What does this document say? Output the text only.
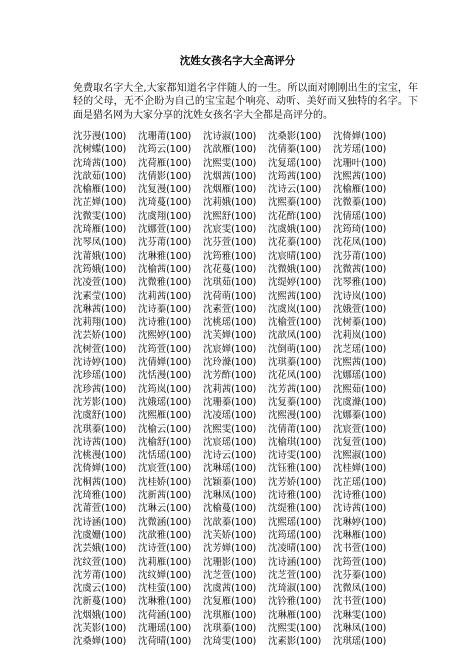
沈姓女孩名字大全高评分

免费取名字大全,大家都知道名字伴随人的一生。所以面对刚刚出生的宝宝，年轻的父母，无不企盼为自己的宝宝起个响亮、动听、美好而又独特的名字。下面是猎名网为大家分享的沈姓女孩名字大全都是高评分的。

沈芬漫(100)	沈珊莆(100)	沈诗淑(100)	沈桑影(100)	沈倚婵(100)
沈树蝶(100)	沈筠云(100)	沈歆雁(100)	沈倩蓁(100)	沈芳瑶(100)
沈琦茜(100)	沈荷雁(100)	沈熙雯(100)	沈复瑶(100)	沈珊叶(100)
沈歆茹(100)	沈倩影(100)	沈烟茜(100)	沈筠茜(100)	沈熙茜(100)
沈榆雁(100)	沈复漫(100)	沈烟雁(100)	沈诗云(100)	沈榆雁(100)
沈芷婵(100)	沈琦蔓(100)	沈莉娥(100)	沈熙蓁(100)	沈微蓁(100)
沈微雯(100)	沈虞翔(100)	沈熙舒(100)	沈花酢(100)	沈倩瑶(100)
沈琦雁(100)	沈娜萱(100)	沈宸雯(100)	沈虞娥(100)	沈筠琦(100)
沈琴凤(100)	沈芬莆(100)	沈芬萱(100)	沈花蓁(100)	沈花凤(100)
沈莆娥(100)	沈琳雅(100)	沈筠雅(100)	沈宸晴(100)	沈芬莆(100)
沈筠娥(100)	沈榆茜(100)	沈花蔓(100)	沈微娥(100)	沈微茜(100)
沈凌萱(100)	沈微雅(100)	沈琪茹(100)	沈缇婷(100)	沈琴雅(100)
沈素莹(100)	沈莉茜(100)	沈荷萌(100)	沈熙茜(100)	沈诗岚(100)
沈琳茜(100)	沈诗蓁(100)	沈素萱(100)	沈虞岚(100)	沈娥萱(100)
沈莉翔(100)	沈诗雅(100)	沈桃瑶(100)	沈榆萱(100)	沈树蓁(100)
沈芸娇(100)	沈熙婷(100)	沈芙婵(100)	沈歆凤(100)	沈莉岚(100)
沈树萱(100)	沈筠萱(100)	沈宸婵(100)	沈倒萌(100)	沈芝瑶(100)
沈诗婷(100)	沈倩婵(100)	沈玲滌(100)	沈琪蓁(100)	沈熙茜(100)
沈珍瑶(100)	沈恬漫(100)	沈芳酢(100)	沈花凤(100)	沈娜瑶(100)
沈珍茜(100)	沈筠岚(100)	沈莉茜(100)	沈芳茜(100)	沈熙茹(100)
沈芳影(100)	沈娥瑶(100)	沈珊蓁(100)	沈复蓁(100)	沈虞滌(100)
沈虞舒(100)	沈熙雁(100)	沈凌瑶(100)	沈熙漫(100)	沈娜蓁(100)
沈琪蓁(100)	沈榆云(100)	沈熙雯(100)	沈倩莆(100)	沈宸萱(100)
沈诗茜(100)	沈榆舒(100)	沈宸瑶(100)	沈榆琪(100)	沈复萱(100)
沈桃漫(100)	沈恬瑶(100)	沈诗云(100)	沈诗雯(100)	沈熙淑(100)
沈倚婵(100)	沈宸萱(100)	沈琳瑶(100)	沈钰雅(100)	沈桂婵(100)
沈桐茜(100)	沈桂娇(100)	沈颖蓁(100)	沈芳娇(100)	沈芷瑶(100)
沈琦雅(100)	沈新茜(100)	沈琳凤(100)	沈诗雅(100)	沈诗雅(100)
沈莆萱(100)	沈琳云(100)	沈榆蔓(100)	沈缇雅(100)	沈诗茜(100)
沈诗涵(100)	沈微涵(100)	沈歆蓁(100)	沈熙瑶(100)	沈琳婷(100)
沈虞姗(100)	沈歆雅(100)	沈芙娇(100)	沈筠瑶(100)	沈琳雁(100)
沈芸娥(100)	沈诗萱(100)	沈芳婵(100)	沈凌晴(100)	沈书萱(100)
沈纹萱(100)	沈莉雁(100)	沈珊影(100)	沈诗涵(100)	沈筠萱(100)
沈芳莆(100)	沈纹婵(100)	沈芝萱(100)	沈芝萱(100)	沈芬蓁(100)
沈虞云(100)	沈桂萤(100)	沈虞茜(100)	沈琦淑(100)	沈微凤(100)
沈新蔓(100)	沈琳雅(100)	沈复雁(100)	沈钤雅(100)	沈书萱(100)
沈烟娥(100)	沈荷涵(100)	沈琪雁(100)	沈琳雁(100)	沈琳雯(100)
沈芙影(100)	沈珊瑶(100)	沈琪蓁(100)	沈熙雯(100)	沈琳凤(100)
沈桑婵(100)	沈荷晴(100)	沈琦雯(100)	沈素影(100)	沈琪瑶(100)
